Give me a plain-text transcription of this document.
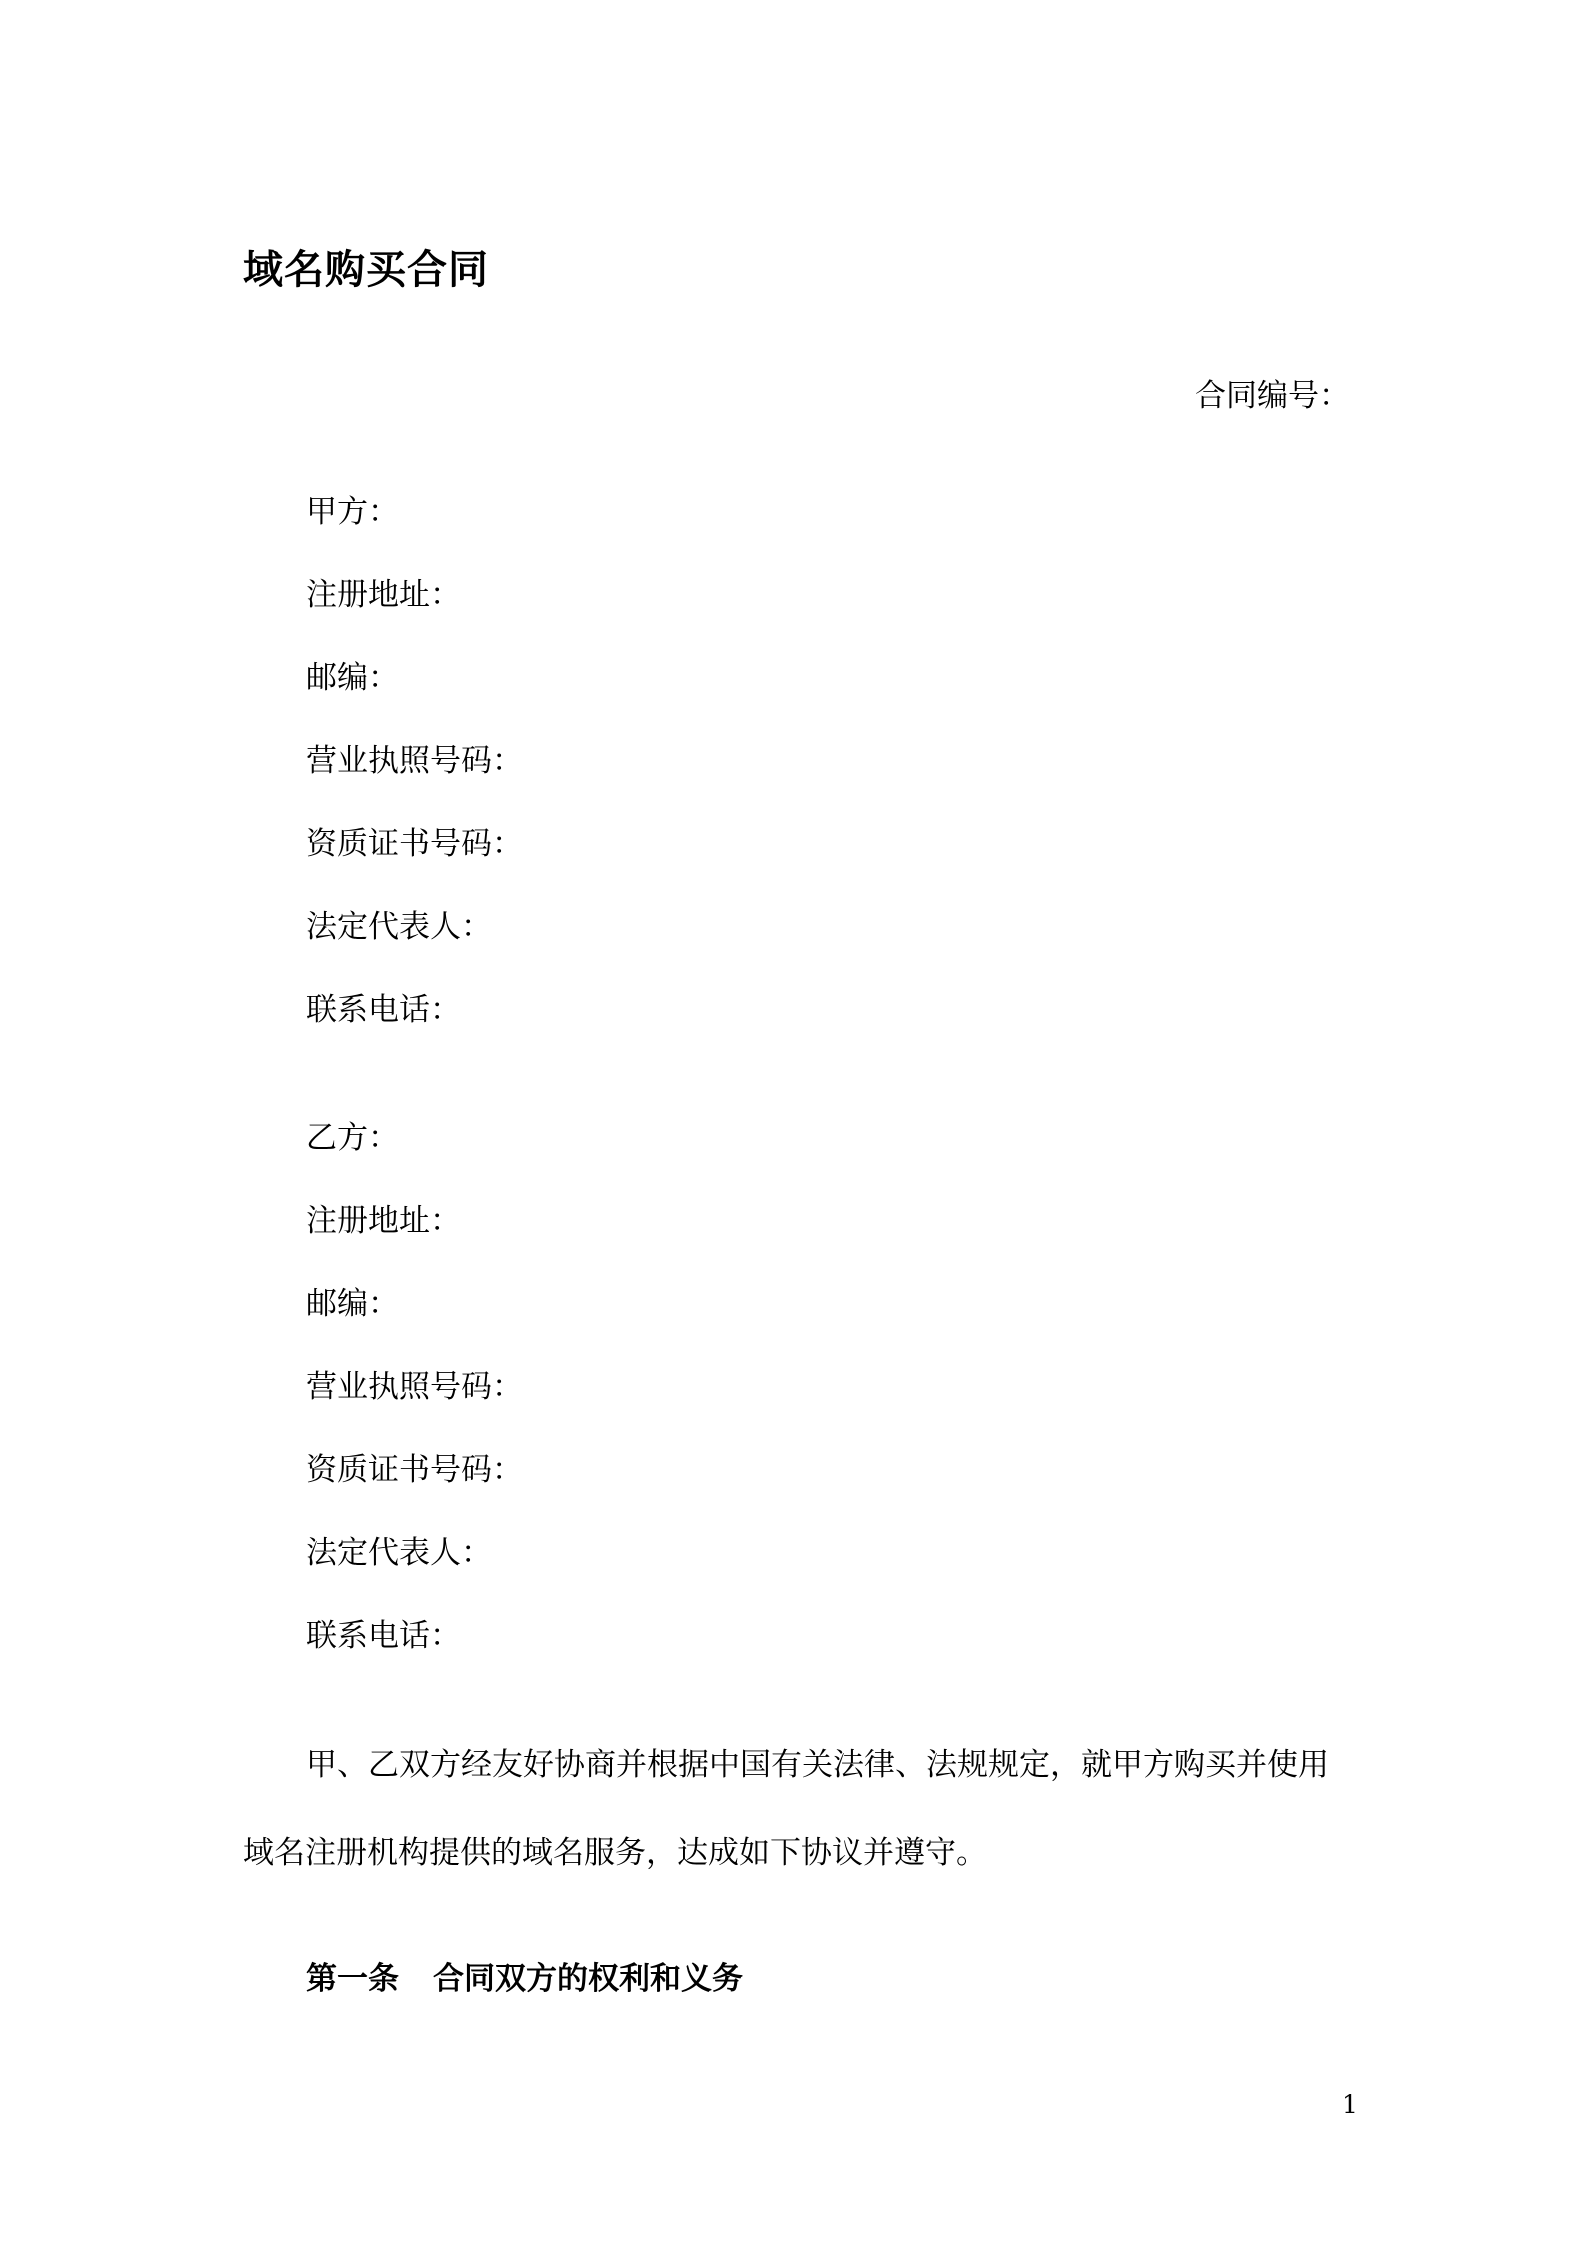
域名购买合同
合同编号：
甲方：
注册地址：
邮编：
营业执照号码：
资质证书号码：
法定代表人：
联系电话：
乙方：
注册地址：
邮编：
营业执照号码：
资质证书号码：
法定代表人：
联系电话：
甲、乙双方经友好协商并根据中国有关法律、法规规定，就甲方购买并使用
域名注册机构提供的域名服务，达成如下协议并遵守。
第一条 合同双方的权利和义务
1
